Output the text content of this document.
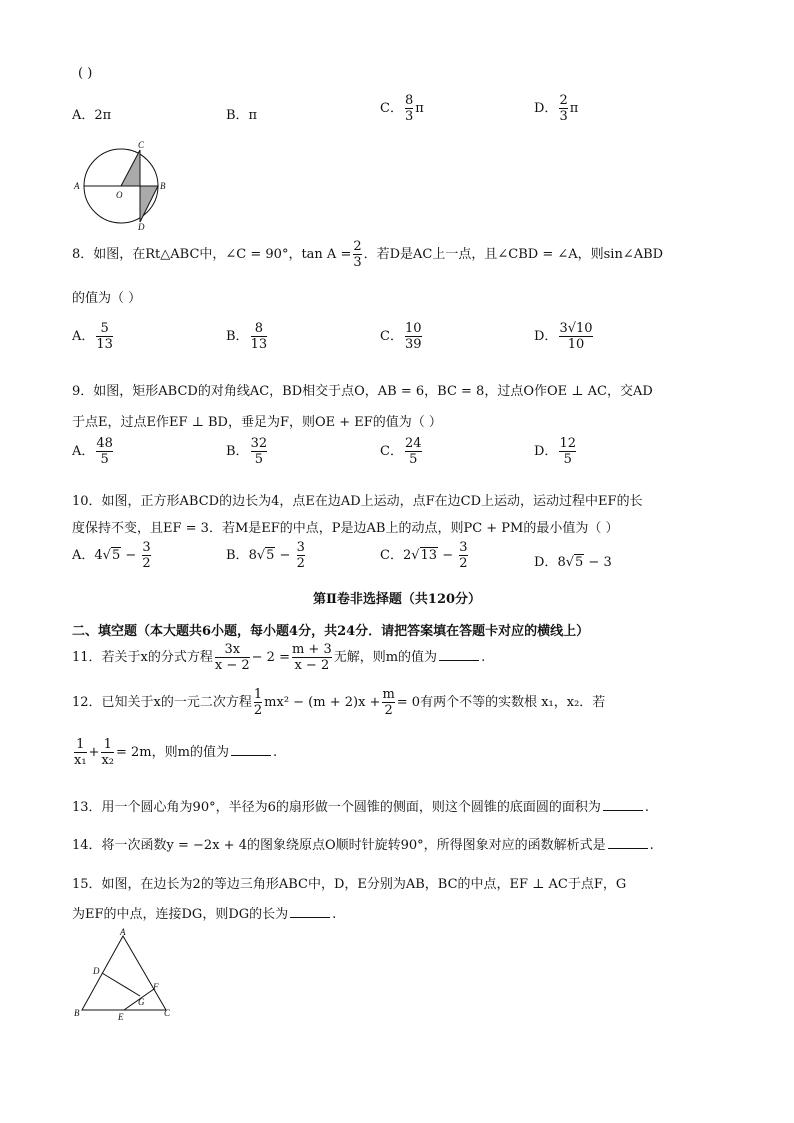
( )
A．2π	B．π	C． $\frac{8}{3}$ π	D． $\frac{2}{3}$ π
A	B
C
D
O
8．如图，在Rt△ABC中，∠C = 90°，$\tan A = \frac{2}{3}$ ．若D是AC上一点，且∠CBD = ∠A，则sin∠ABD
的值为（ ）
A． $\frac{5}{13}$	B． $\frac{8}{13}$	C． $\frac{10}{39}$	D． $\frac{3√10}{10}$
9．如图，矩形ABCD的对角线AC，BD相交于点O，AB = 6，BC = 8，过点O作OE ⊥ AC，交AD
于点E，过点E作EF ⊥ BD，垂足为F，则OE + EF的值为（ ）
A． $\frac{48}{5}$	B． $\frac{32}{5}$	C． $\frac{24}{5}$	D． $\frac{12}{5}$
10．如图，正方形ABCD的边长为4，点E在边AD上运动，点F在边CD上运动，运动过程中EF的长
度保持不变，且EF = 3．若M是EF的中点，P是边AB上的动点，则PC + PM的最小值为（ ）
A．$4√5 - \frac{3}{2}$	B．$8√5 - \frac{3}{2}$	C．$2√13 - \frac{3}{2}$	D．8√5 − 3
第Ⅱ卷非选择题（共120分）
二、填空题（本大题共6小题，每小题4分，共24分．请把答案填在答题卡对应的横线上）
11．若关于x的分式方程 $\frac{3x}{x - 2} - 2 = \frac{m + 3}{x - 2}$ 无解，则m的值为	.
12．已知关于x的一元二次方程 $\frac{1}{2} mx^2 - (m + 2)x + \frac{m}{2} = 0$有两个不等的实数根 x₁，x₂．若
$\frac{1}{\text{x₁}} + \frac{1}{\text{x₂}} = 2m$，则m的值为	.
13．用一个圆心角为90°，半径为6的扇形做一个圆锥的侧面，则这个圆锥的底面圆的面积为	.
14．将一次函数y = −2x + 4的图象绕原点O顺时针旋转90°，所得图象对应的函数解析式是	.
15．如图，在边长为2的等边三角形ABC中，D，E分别为AB，BC的中点，EF ⊥ AC于点F，G
为EF的中点，连接DG，则DG的长为	.
A
B	C
D
E
F
G
